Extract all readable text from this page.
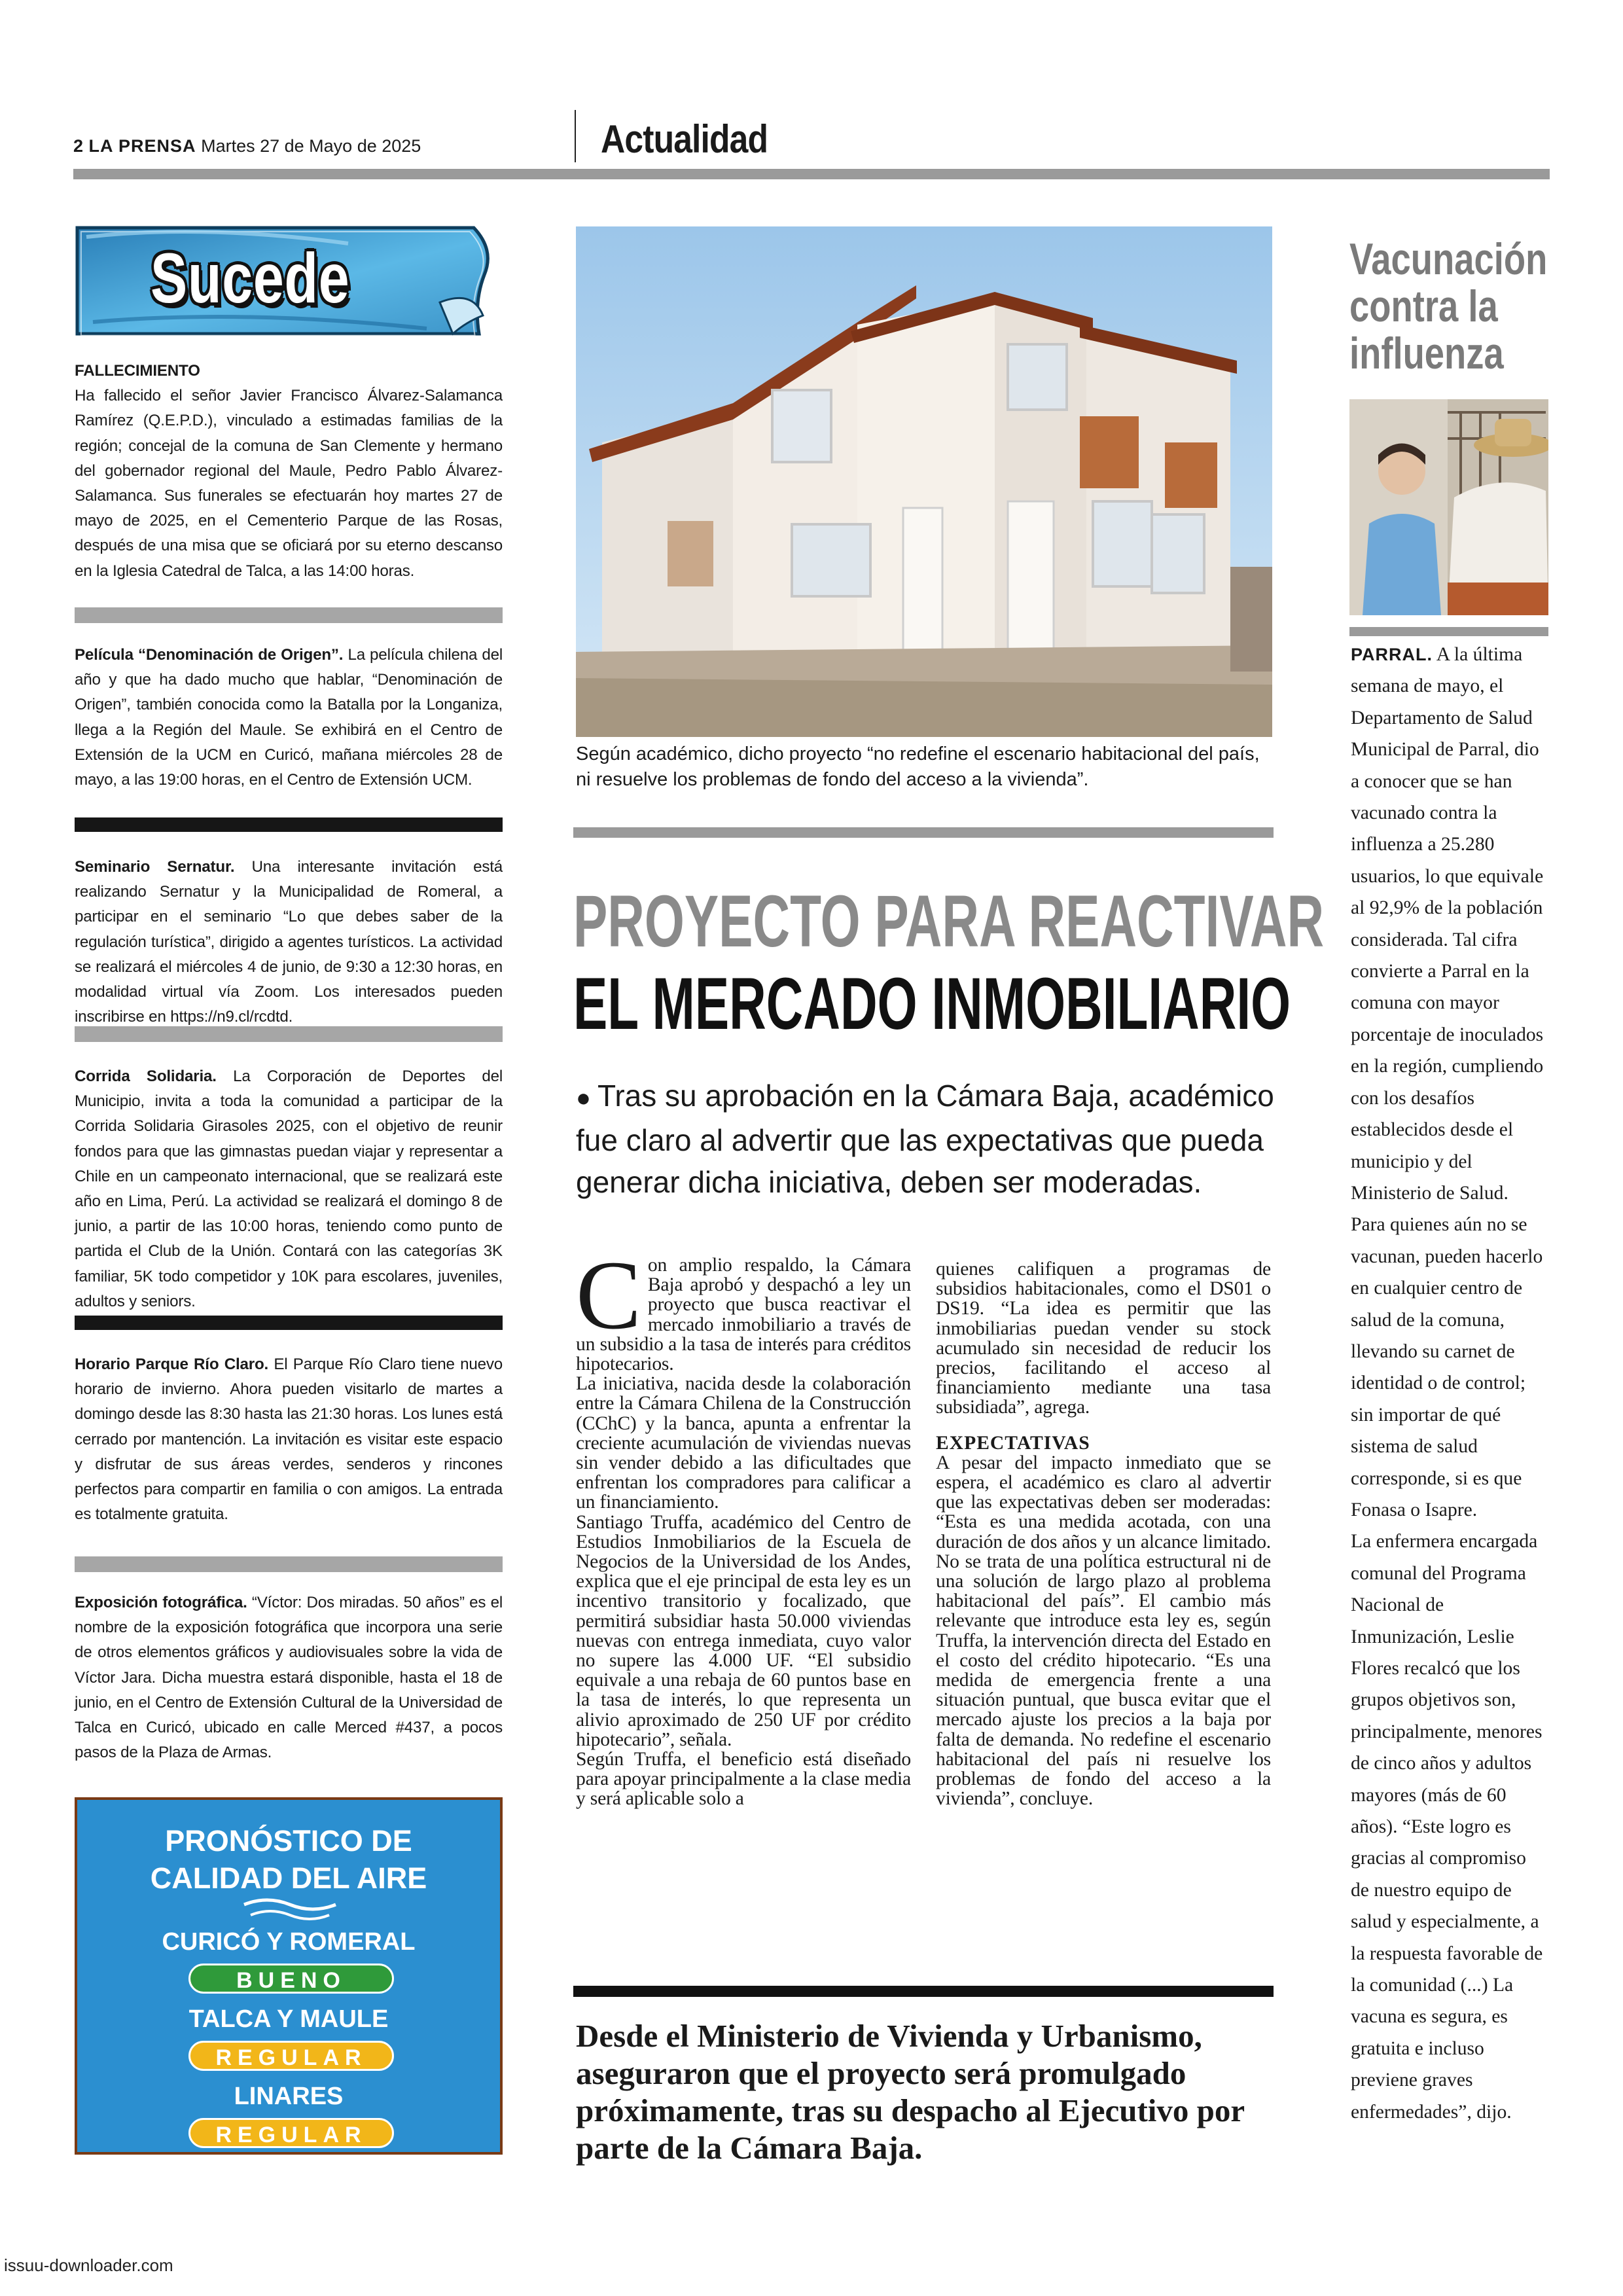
2 LA PRENSA Martes 27 de Mayo de 2025	Actualidad
Sucede

FALLECIMIENTO

Ha fallecido el señor Javier Francisco Álvarez-Salamanca Ramírez (Q.E.P.D.), vinculado a estimadas familias de la región; concejal de la comuna de San Clemente y hermano del gobernador regional del Maule, Pedro Pablo Álvarez-Salamanca. Sus funerales se efectuarán hoy martes 27 de mayo de 2025, en el Cementerio Parque de las Rosas, después de una misa que se oficiará por su eterno descanso en la Iglesia Catedral de Talca, a las 14:00 horas.

Película “Denominación de Origen”. La película chilena del año y que ha dado mucho que hablar, “Denominación de Origen”, también conocida como la Batalla por la Longaniza, llega a la Región del Maule. Se exhibirá en el Centro de Extensión de la UCM en Curicó, mañana miércoles 28 de mayo, a las 19:00 horas, en el Centro de Extensión UCM.

Seminario Sernatur. Una interesante invitación está realizando Sernatur y la Municipalidad de Romeral, a participar en el seminario “Lo que debes saber de la regulación turística”, dirigido a agentes turísticos. La actividad se realizará el miércoles 4 de junio, de 9:30 a 12:30 horas, en modalidad virtual vía Zoom. Los interesados pueden inscribirse en https://n9.cl/rcdtd.

Corrida Solidaria. La Corporación de Deportes del Municipio, invita a toda la comunidad a participar de la Corrida Solidaria Girasoles 2025, con el objetivo de reunir fondos para que las gimnastas puedan viajar y representar a Chile en un campeonato internacional, que se realizará este año en Lima, Perú. La actividad se realizará el domingo 8 de junio, a partir de las 10:00 horas, teniendo como punto de partida el Club de la Unión. Contará con las categorías 3K familiar, 5K todo competidor y 10K para escolares, juveniles, adultos y seniors.

Horario Parque Río Claro. El Parque Río Claro tiene nuevo horario de invierno. Ahora pueden visitarlo de martes a domingo desde las 8:30 hasta las 21:30 horas. Los lunes está cerrado por mantención. La invitación es visitar este espacio y disfrutar de sus áreas verdes, senderos y rincones perfectos para compartir en familia o con amigos. La entrada es totalmente gratuita.

Exposición fotográfica. “Víctor: Dos miradas. 50 años” es el nombre de la exposición fotográfica que incorpora una serie de otros elementos gráficos y audiovisuales sobre la vida de Víctor Jara. Dicha muestra estará disponible, hasta el 18 de junio, en el Centro de Extensión Cultural de la Universidad de Talca en Curicó, ubicado en calle Merced #437, a pocos pasos de la Plaza de Armas.

PRONÓSTICO DE
CALIDAD DEL AIRE
CURICÓ Y ROMERAL
BUENO
TALCA Y MAULE
REGULAR
LINARES
REGULAR
Según académico, dicho proyecto “no redefine el escenario habitacional del país, ni resuelve los problemas de fondo del acceso a la vivienda”.
PROYECTO PARA REACTIVAR
EL MERCADO INMOBILIARIO
● Tras su aprobación en la Cámara Baja, académico fue claro al advertir que las expectativas que pueda generar dicha iniciativa, deben ser moderadas.

Con amplio respaldo, la Cámara Baja aprobó y despachó a ley un proyecto que busca reactivar el mercado inmobiliario a través de un subsidio a la tasa de interés para créditos hipotecarios.

La iniciativa, nacida desde la colaboración entre la Cámara Chilena de la Construcción (CChC) y la banca, apunta a enfrentar la creciente acumulación de viviendas nuevas sin vender debido a las dificultades que enfrentan los compradores para calificar a un financiamiento.

Santiago Truffa, académico del Centro de Estudios Inmobiliarios de la Escuela de Negocios de la Universidad de los Andes, explica que el eje principal de esta ley es un incentivo transitorio y focalizado, que permitirá subsidiar hasta 50.000 viviendas nuevas con entrega inmediata, cuyo valor no supere las 4.000 UF. “El subsidio equivale a una rebaja de 60 puntos base en la tasa de interés, lo que representa un alivio aproximado de 250 UF por crédito hipotecario”, señala.

Según Truffa, el beneficio está diseñado para apoyar principalmente a la clase media y será aplicable solo a

quienes califiquen a programas de subsidios habitacionales, como el DS01 o DS19. “La idea es permitir que las inmobiliarias puedan vender su stock acumulado sin necesidad de reducir los precios, facilitando el acceso al financiamiento mediante una tasa subsidiada”, agrega.

EXPECTATIVAS

A pesar del impacto inmediato que se espera, el académico es claro al advertir que las expectativas deben ser moderadas: “Esta es una medida acotada, con una duración de dos años y un alcance limitado. No se trata de una política estructural ni de una solución de largo plazo al problema habitacional del país”. El cambio más relevante que introduce esta ley es, según Truffa, la intervención directa del Estado en el costo del crédito hipotecario. “Es una medida de emergencia frente a una situación puntual, que busca evitar que el mercado ajuste los precios a la baja por falta de demanda. No redefine el escenario habitacional del país ni resuelve los problemas de fondo del acceso a la vivienda”, concluye.

Desde el Ministerio de Vivienda y Urbanismo, aseguraron que el proyecto será promulgado próximamente, tras su despacho al Ejecutivo por parte de la Cámara Baja.
Vacunación
contra la
influenza

PARRAL. A la última semana de mayo, el Departamento de Salud Municipal de Parral, dio a conocer que se han vacunado contra la influenza a 25.280 usuarios, lo que equivale al 92,9% de la población considerada. Tal cifra convierte a Parral en la comuna con mayor porcentaje de inoculados en la región, cumpliendo con los desafíos establecidos desde el municipio y del Ministerio de Salud.

Para quienes aún no se vacunan, pueden hacerlo en cualquier centro de salud de la comuna, llevando su carnet de identidad o de control; sin importar de qué sistema de salud corresponde, si es que Fonasa o Isapre.

La enfermera encargada comunal del Programa Nacional de Inmunización, Leslie Flores recalcó que los grupos objetivos son, principalmente, menores de cinco años y adultos mayores (más de 60 años). “Este logro es gracias al compromiso de nuestro equipo de salud y especialmente, a la respuesta favorable de la comunidad (...) La vacuna es segura, es gratuita e incluso previene graves enfermedades”, dijo.

issuu-downloader.com
